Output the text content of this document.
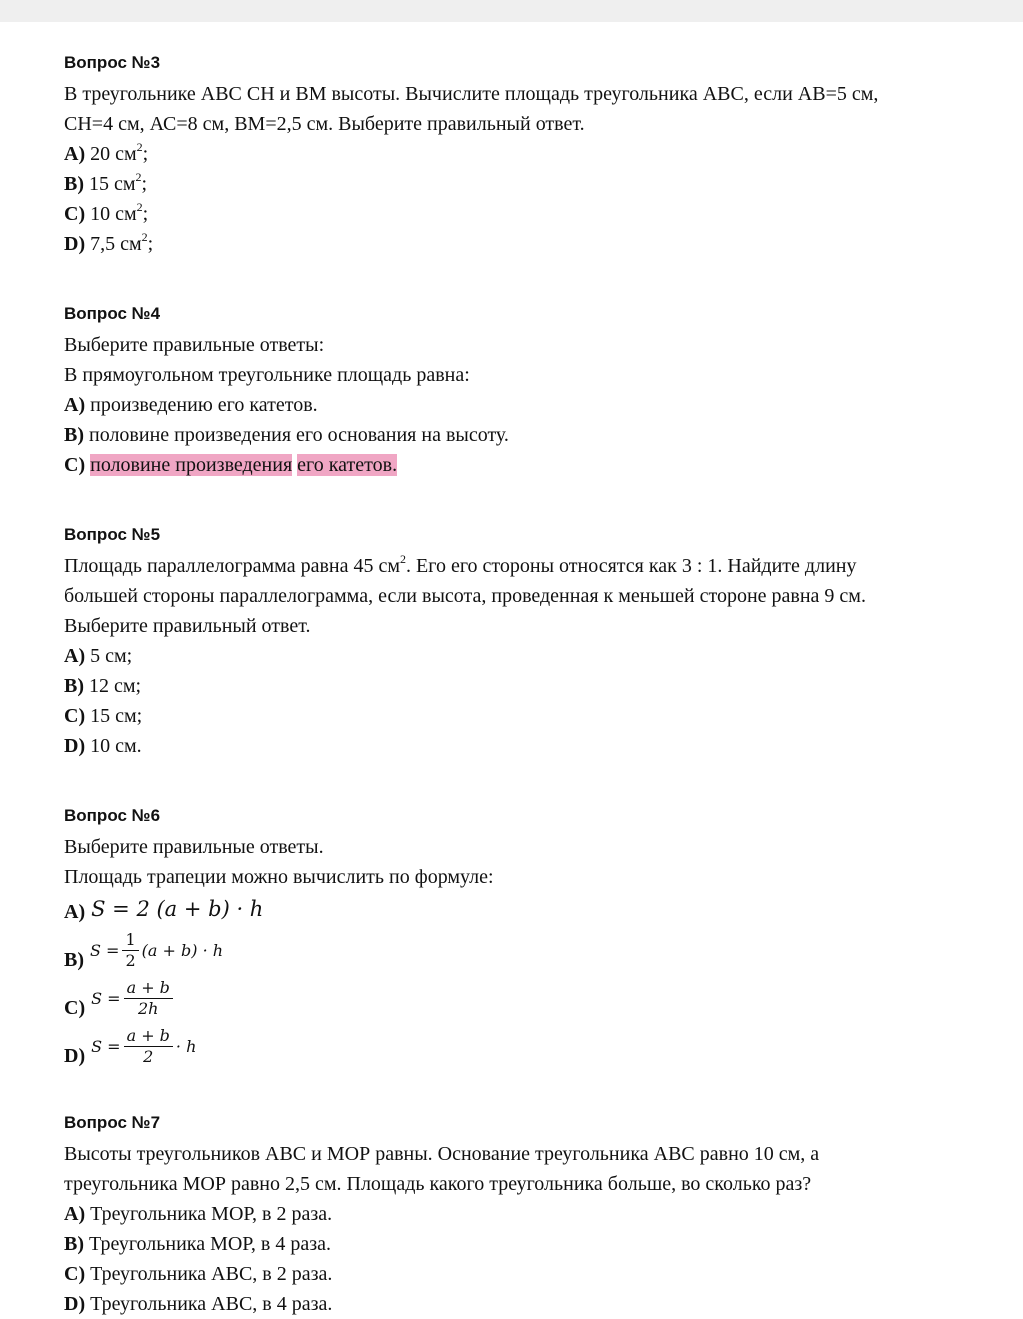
Вопрос №3
В треугольнике АВС СН и ВМ высоты. Вычислите площадь треугольника АВС, если АВ=5 см,
СН=4 см, АС=8 см, ВМ=2,5 см. Выберите правильный ответ.
A) 20 $см^2$;
B) 15 $см^2$;
C) 10 $см^2$;
D) 7,5 $см^2$;
Вопрос №4
Выберите правильные ответы:
В прямоугольном треугольнике площадь равна:
A) произведению его катетов.
B) половине произведения его основания на высоту.
C) половине произведения его катетов.
Вопрос №5
Площадь параллелограмма равна 45 $см^2$. Его его стороны относятся как 3 : 1. Найдите длину
большей стороны параллелограмма, если высота, проведенная к меньшей стороне равна 9 см.
Выберите правильный ответ.
A) 5 см;
B) 12 см;
C) 15 см;
D) 10 см.
Вопрос №6
Выберите правильные ответы.
Площадь трапеции можно вычислить по формуле:
A) S = 2 (a + b) · h
B) $S = \frac{1}{2} (a + b) \cdot h$
C) $S = \frac{a + b}{2h}$
D) $S = \frac{a + b}{2} \cdot h$
Вопрос №7
Высоты треугольников АВС и МОР равны. Основание треугольника АВС равно 10 см, а
треугольника МОР равно 2,5 см. Площадь какого треугольника больше, во сколько раз?
A) Треугольника МОР, в 2 раза.
B) Треугольника МОР, в 4 раза.
C) Треугольника АВС, в 2 раза.
D) Треугольника АВС, в 4 раза.
